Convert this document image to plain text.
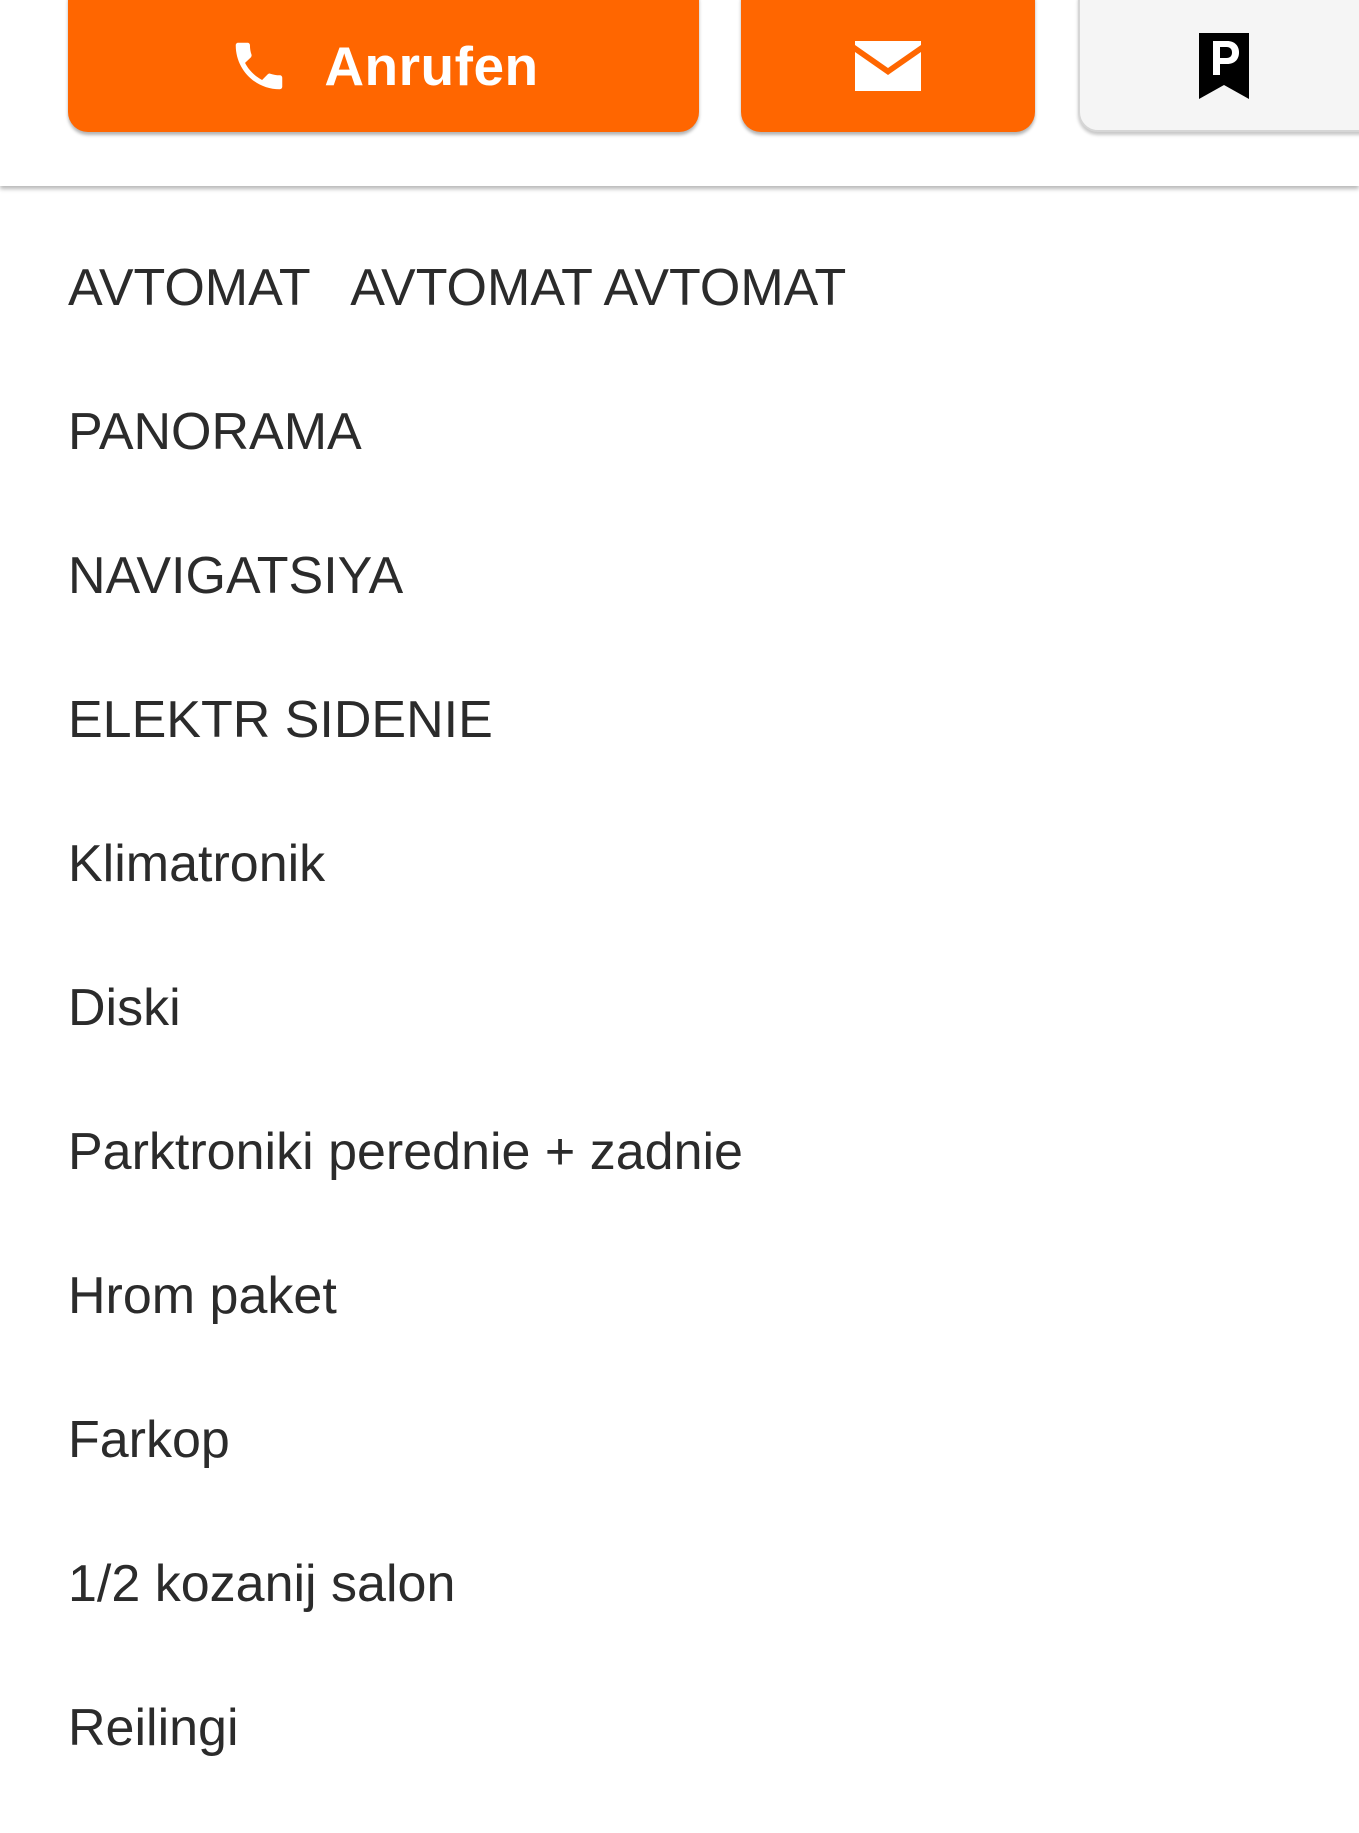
Anrufen
AVTOMAT   AVTOMAT AVTOMAT
PANORAMA
NAVIGATSIYA
ELEKTR SIDENIE
Klimatronik
Diski
Parktroniki perednie + zadnie
Hrom paket
Farkop
1/2 kozanij salon
Reilingi
